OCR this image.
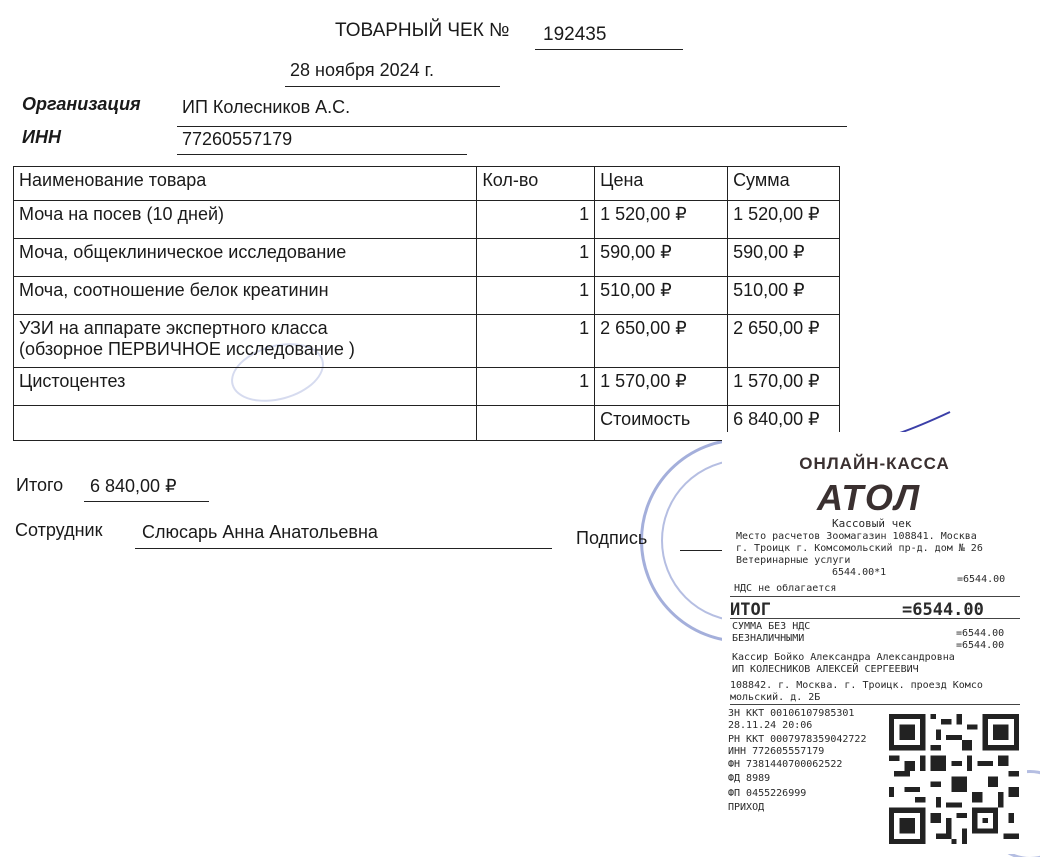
ТОВАРНЫЙ ЧЕК № 192435
28 ноября 2024 г.
Организация ИП Колесников А.С.
ИНН	77260557179
Наименование товара	Кол-во	Цена	Сумма
Моча на посев (10 дней)	1	1 520,00 ₽	1 520,00 ₽
Моча, общеклиническое исследование	1	590,00 ₽	590,00 ₽
Моча, соотношение белок креатинин	1	510,00 ₽	510,00 ₽

УЗИ на аппарате экспертного класса
(обзорное ПЕРВИЧНОЕ исследование )	1	2 650,00 ₽	2 650,00 ₽
Цистоцентез	1	1 570,00 ₽	1 570,00 ₽
		Стоимость	6 840,00 ₽
Итого 6 840,00 ₽
Сотрудник Слюсарь Анна Анатольевна	Подпись
ОНЛАЙН-КАССА
АТОЛ
Кассовый чек
Место расчетов Зоомагазин 108841. Москва
г. Троицк г. Комсомольский пр-д. дом № 26
Ветеринарные услуги
6544.00*1
=6544.00
НДС не облагается
ИТОГ	=6544.00
СУММА БЕЗ НДС
=6544.00
БЕЗНАЛИЧНЫМИ
=6544.00
Кассир Бойко Александра Александровна
ИП КОЛЕСНИКОВ АЛЕКСЕЙ СЕРГЕЕВИЧ
108842. г. Москва. г. Троицк. проезд Комсо
мольский. д. 2Б
ЗН ККТ 00106107985301
28.11.24 20:06
РН ККТ 0007978359042722
ИНН 772605557179
ФН 7381440700062522
ФД 8989
ФП 0455226999
ПРИХОД
